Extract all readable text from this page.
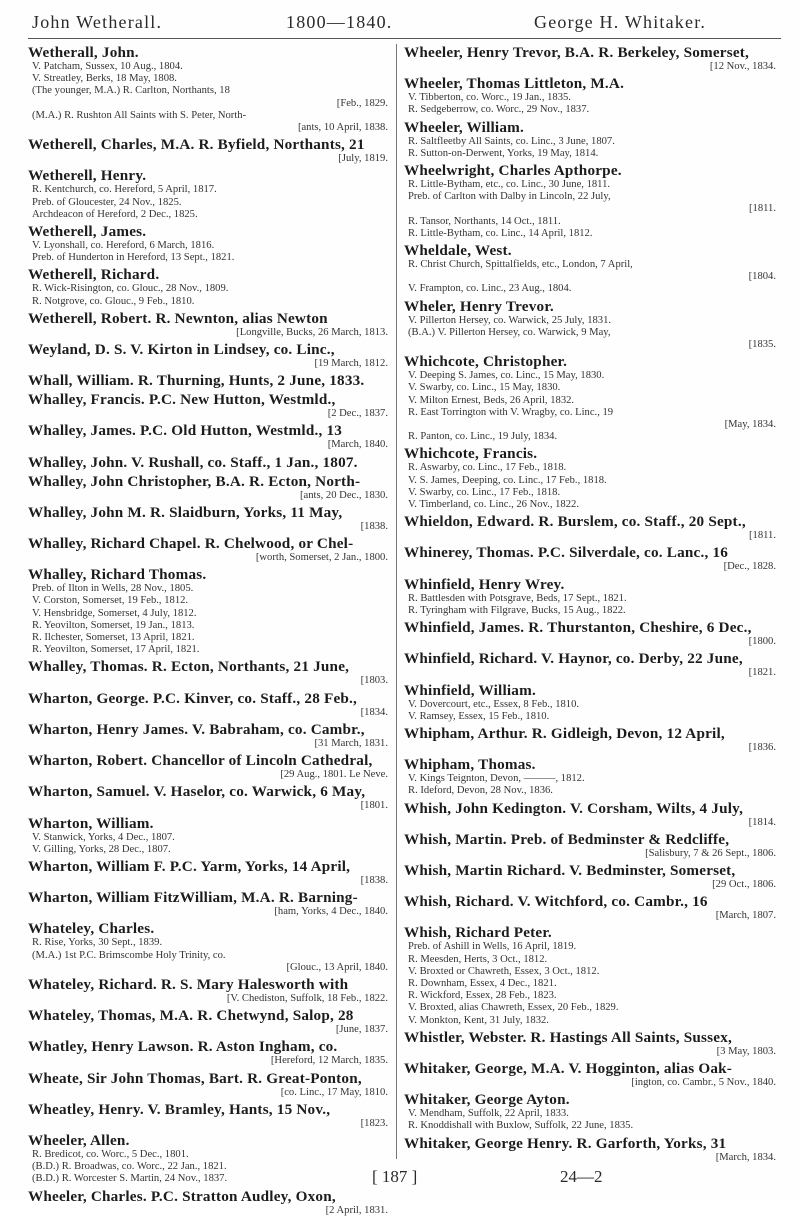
John Wetherall.	1800—1840.	George H. Whitaker.
Wetherall, John.
V. Patcham, Sussex, 10 Aug., 1804.
V. Streatley, Berks, 18 May, 1808.
(The younger, M.A.) R. Carlton, Northants, 18
[Feb., 1829.
(M.A.) R. Rushton All Saints with S. Peter, North-
[ants, 10 April, 1838.
Wetherell, Charles, M.A. R. Byfield, Northants, 21
[July, 1819.
Wetherell, Henry.
R. Kentchurch, co. Hereford, 5 April, 1817.
Preb. of Gloucester, 24 Nov., 1825.
Archdeacon of Hereford, 2 Dec., 1825.
Wetherell, James.
V. Lyonshall, co. Hereford, 6 March, 1816.
Preb. of Hunderton in Hereford, 13 Sept., 1821.
Wetherell, Richard.
R. Wick-Risington, co. Glouc., 28 Nov., 1809.
R. Notgrove, co. Glouc., 9 Feb., 1810.
Wetherell, Robert. R. Newnton, alias Newton
[Longville, Bucks, 26 March, 1813.
Weyland, D. S. V. Kirton in Lindsey, co. Linc.,
[19 March, 1812.
Whall, William. R. Thurning, Hunts, 2 June, 1833.
Whalley, Francis. P.C. New Hutton, Westmld.,
[2 Dec., 1837.
Whalley, James. P.C. Old Hutton, Westmld., 13
[March, 1840.
Whalley, John. V. Rushall, co. Staff., 1 Jan., 1807.
Whalley, John Christopher, B.A. R. Ecton, North-
[ants, 20 Dec., 1830.
Whalley, John M. R. Slaidburn, Yorks, 11 May,
[1838.
Whalley, Richard Chapel. R. Chelwood, or Chel-
[worth, Somerset, 2 Jan., 1800.
Whalley, Richard Thomas.
Preb. of Ilton in Wells, 28 Nov., 1805.
V. Corston, Somerset, 19 Feb., 1812.
V. Hensbridge, Somerset, 4 July, 1812.
R. Yeovilton, Somerset, 19 Jan., 1813.
R. Ilchester, Somerset, 13 April, 1821.
R. Yeovilton, Somerset, 17 April, 1821.
Whalley, Thomas. R. Ecton, Northants, 21 June,
[1803.
Wharton, George. P.C. Kinver, co. Staff., 28 Feb.,
[1834.
Wharton, Henry James. V. Babraham, co. Cambr.,
[31 March, 1831.
Wharton, Robert. Chancellor of Lincoln Cathedral,
[29 Aug., 1801. Le Neve.
Wharton, Samuel. V. Haselor, co. Warwick, 6 May,
[1801.
Wharton, William.
V. Stanwick, Yorks, 4 Dec., 1807.
V. Gilling, Yorks, 28 Dec., 1807.
Wharton, William F. P.C. Yarm, Yorks, 14 April,
[1838.
Wharton, William FitzWilliam, M.A. R. Barning-
[ham, Yorks, 4 Dec., 1840.
Whateley, Charles.
R. Rise, Yorks, 30 Sept., 1839.
(M.A.) 1st P.C. Brimscombe Holy Trinity, co.
[Glouc., 13 April, 1840.
Whateley, Richard. R. S. Mary Halesworth with
[V. Chediston, Suffolk, 18 Feb., 1822.
Whateley, Thomas, M.A. R. Chetwynd, Salop, 28
[June, 1837.
Whatley, Henry Lawson. R. Aston Ingham, co.
[Hereford, 12 March, 1835.
Wheate, Sir John Thomas, Bart. R. Great-Ponton,
[co. Linc., 17 May, 1810.
Wheatley, Henry. V. Bramley, Hants, 15 Nov.,
[1823.
Wheeler, Allen.
R. Bredicot, co. Worc., 5 Dec., 1801.
(B.D.) R. Broadwas, co. Worc., 22 Jan., 1821.
(B.D.) R. Worcester S. Martin, 24 Nov., 1837.
Wheeler, Charles. P.C. Stratton Audley, Oxon,
[2 April, 1831.
Wheeler, Henry Trevor, B.A. R. Berkeley, Somerset,
[12 Nov., 1834.
Wheeler, Thomas Littleton, M.A.
V. Tibberton, co. Worc., 19 Jan., 1835.
R. Sedgeberrow, co. Worc., 29 Nov., 1837.
Wheeler, William.
R. Saltfleetby All Saints, co. Linc., 3 June, 1807.
R. Sutton-on-Derwent, Yorks, 19 May, 1814.
Wheelwright, Charles Apthorpe.
R. Little-Bytham, etc., co. Linc., 30 June, 1811.
Preb. of Carlton with Dalby in Lincoln, 22 July,
[1811.
R. Tansor, Northants, 14 Oct., 1811.
R. Little-Bytham, co. Linc., 14 April, 1812.
Wheldale, West.
R. Christ Church, Spittalfields, etc., London, 7 April,
[1804.
V. Frampton, co. Linc., 23 Aug., 1804.
Wheler, Henry Trevor.
V. Pillerton Hersey, co. Warwick, 25 July, 1831.
(B.A.) V. Pillerton Hersey, co. Warwick, 9 May,
[1835.
Whichcote, Christopher.
V. Deeping S. James, co. Linc., 15 May, 1830.
V. Swarby, co. Linc., 15 May, 1830.
V. Milton Ernest, Beds, 26 April, 1832.
R. East Torrington with V. Wragby, co. Linc., 19
[May, 1834.
R. Panton, co. Linc., 19 July, 1834.
Whichcote, Francis.
R. Aswarby, co. Linc., 17 Feb., 1818.
V. S. James, Deeping, co. Linc., 17 Feb., 1818.
V. Swarby, co. Linc., 17 Feb., 1818.
V. Timberland, co. Linc., 26 Nov., 1822.
Whieldon, Edward. R. Burslem, co. Staff., 20 Sept.,
[1811.
Whinerey, Thomas. P.C. Silverdale, co. Lanc., 16
[Dec., 1828.
Whinfield, Henry Wrey.
R. Battlesden with Potsgrave, Beds, 17 Sept., 1821.
R. Tyringham with Filgrave, Bucks, 15 Aug., 1822.
Whinfield, James. R. Thurstanton, Cheshire, 6 Dec.,
[1800.
Whinfield, Richard. V. Haynor, co. Derby, 22 June,
[1821.
Whinfield, William.
V. Dovercourt, etc., Essex, 8 Feb., 1810.
V. Ramsey, Essex, 15 Feb., 1810.
Whipham, Arthur. R. Gidleigh, Devon, 12 April,
[1836.
Whipham, Thomas.
V. Kings Teignton, Devon, ———, 1812.
R. Ideford, Devon, 28 Nov., 1836.
Whish, John Kedington. V. Corsham, Wilts, 4 July,
[1814.
Whish, Martin. Preb. of Bedminster & Redcliffe,
[Salisbury, 7 & 26 Sept., 1806.
Whish, Martin Richard. V. Bedminster, Somerset,
[29 Oct., 1806.
Whish, Richard. V. Witchford, co. Cambr., 16
[March, 1807.
Whish, Richard Peter.
Preb. of Ashill in Wells, 16 April, 1819.
R. Meesden, Herts, 3 Oct., 1812.
V. Broxted or Chawreth, Essex, 3 Oct., 1812.
R. Downham, Essex, 4 Dec., 1821.
R. Wickford, Essex, 28 Feb., 1823.
V. Broxted, alias Chawreth, Essex, 20 Feb., 1829.
V. Monkton, Kent, 31 July, 1832.
Whistler, Webster. R. Hastings All Saints, Sussex,
[3 May, 1803.
Whitaker, George, M.A. V. Hogginton, alias Oak-
[ington, co. Cambr., 5 Nov., 1840.
Whitaker, George Ayton.
V. Mendham, Suffolk, 22 April, 1833.
R. Knoddishall with Buxlow, Suffolk, 22 June, 1835.
Whitaker, George Henry. R. Garforth, Yorks, 31
[March, 1834.
[ 187 ]	24—2
